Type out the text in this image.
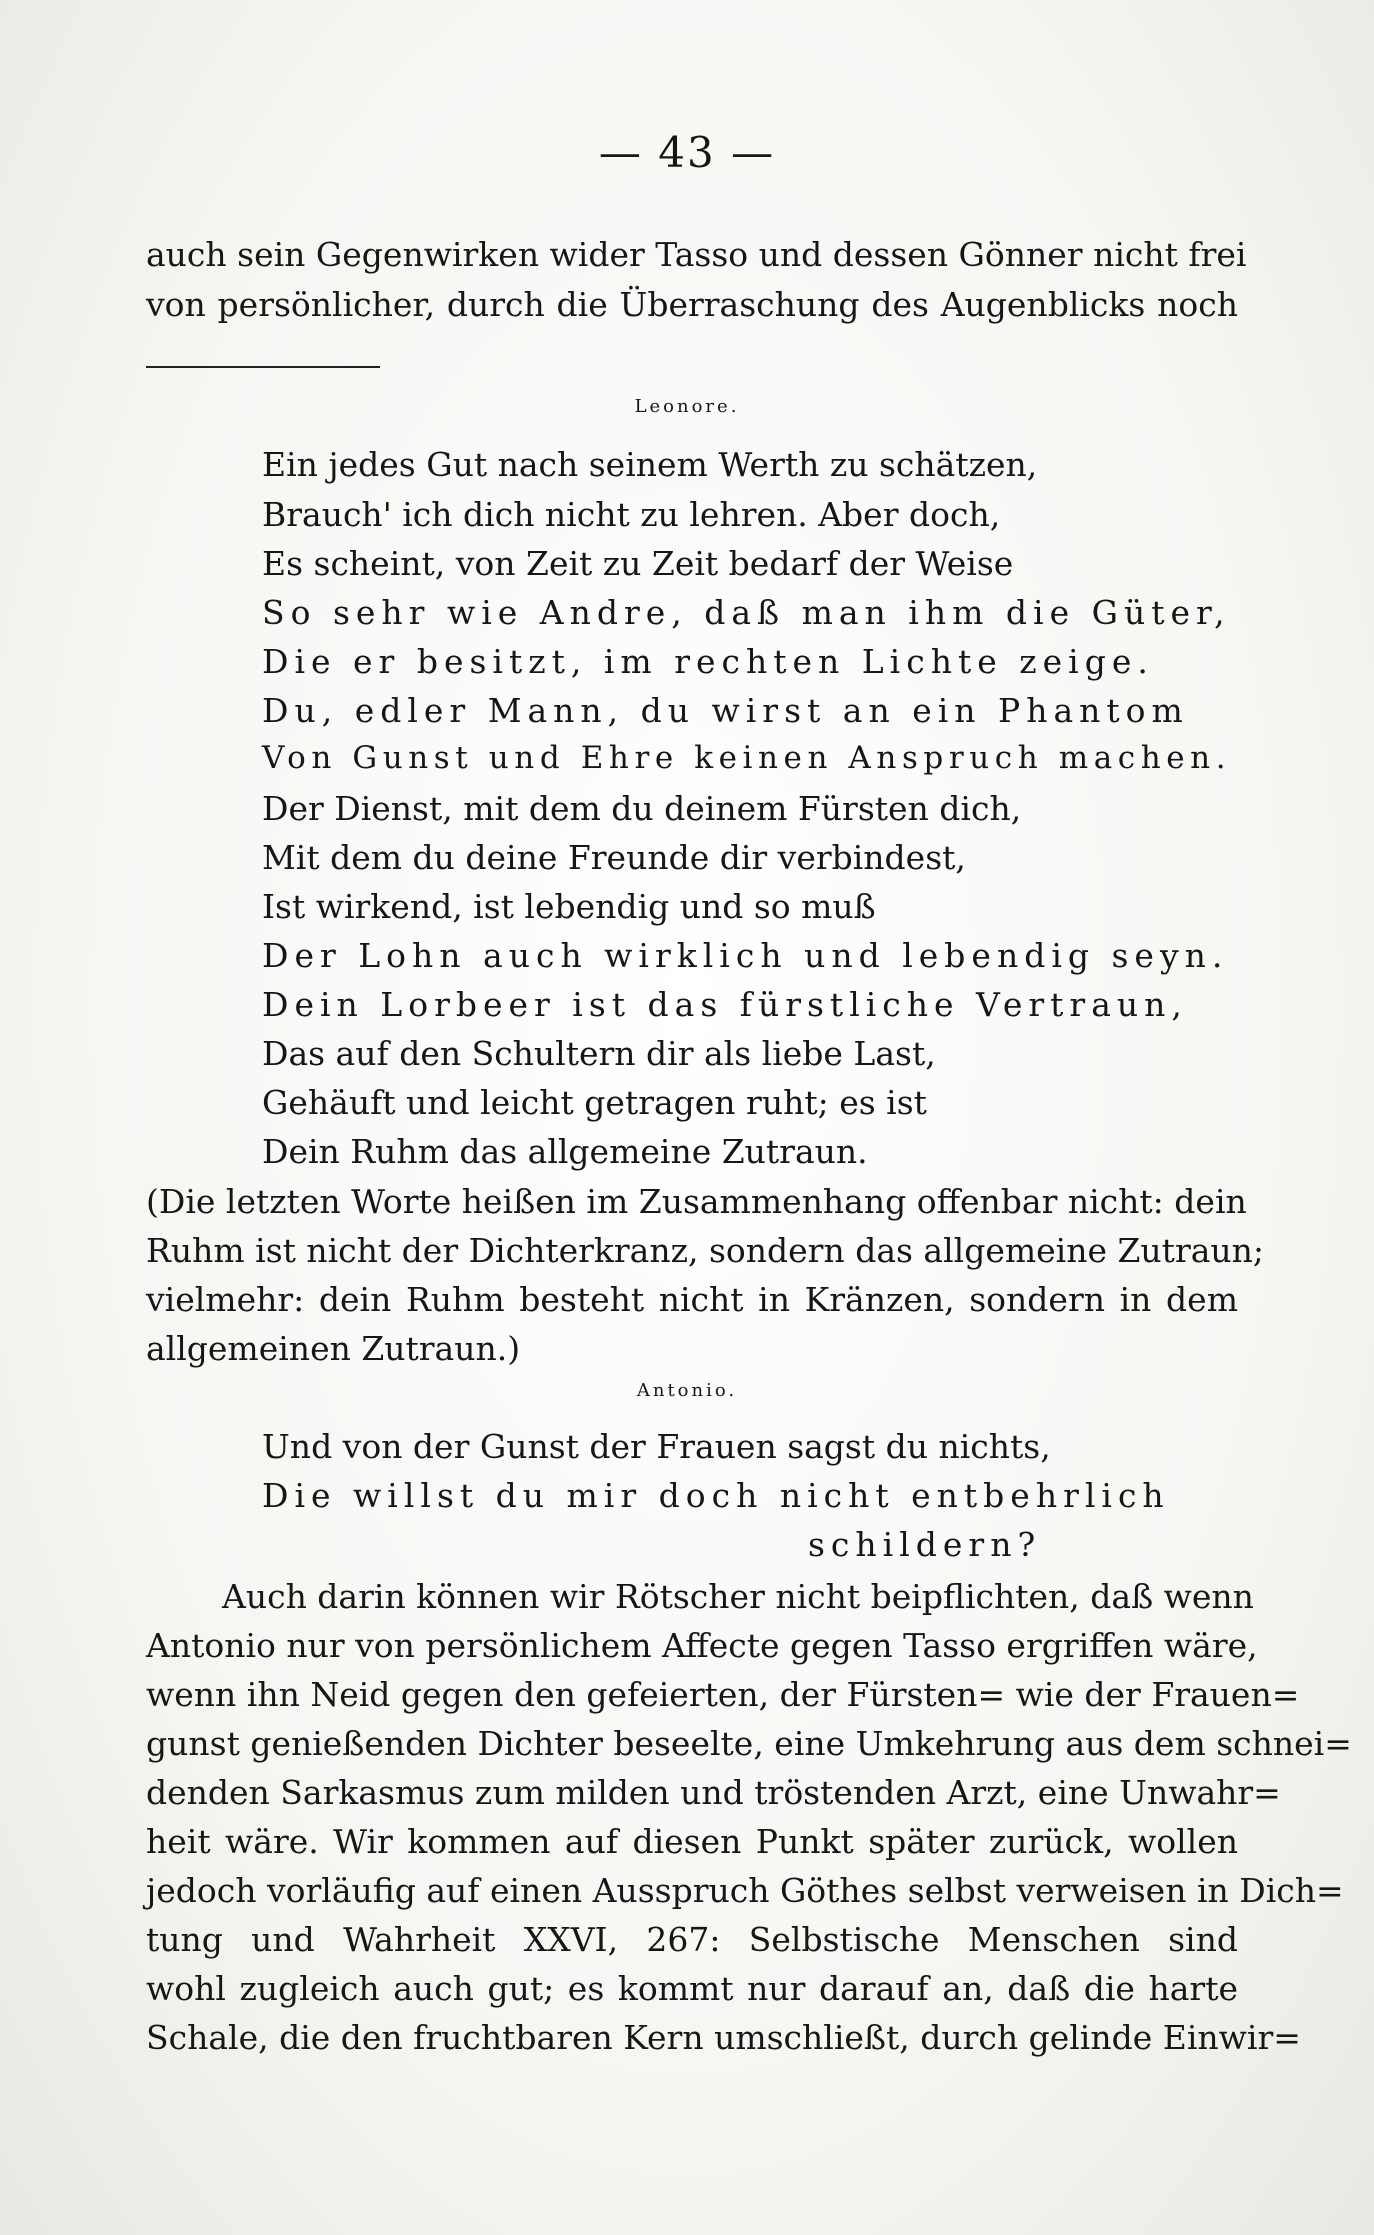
— 43 —
auch sein Gegenwirken wider Tasso und dessen Gönner nicht frei
von persönlicher, durch die Überraschung des Augenblicks noch
Leonore.
Ein jedes Gut nach seinem Werth zu schätzen,
Brauch' ich dich nicht zu lehren. Aber doch,
Es scheint, von Zeit zu Zeit bedarf der Weise
So sehr wie Andre, daß man ihm die Güter,
Die er besitzt, im rechten Lichte zeige.
Du, edler Mann, du wirst an ein Phantom
Von Gunst und Ehre keinen Anspruch machen.
Der Dienst, mit dem du deinem Fürsten dich,
Mit dem du deine Freunde dir verbindest,
Ist wirkend, ist lebendig und so muß
Der Lohn auch wirklich und lebendig seyn.
Dein Lorbeer ist das fürstliche Vertraun,
Das auf den Schultern dir als liebe Last,
Gehäuft und leicht getragen ruht; es ist
Dein Ruhm das allgemeine Zutraun.
(Die letzten Worte heißen im Zusammenhang offenbar nicht: dein
Ruhm ist nicht der Dichterkranz, sondern das allgemeine Zutraun;
vielmehr: dein Ruhm besteht nicht in Kränzen, sondern in dem
allgemeinen Zutraun.)
Antonio.
Und von der Gunst der Frauen sagst du nichts,
Die willst du mir doch nicht entbehrlich
schildern?
Auch darin können wir Rötscher nicht beipflichten, daß wenn
Antonio nur von persönlichem Affecte gegen Tasso ergriffen wäre,
wenn ihn Neid gegen den gefeierten, der Fürsten= wie der Frauen=
gunst genießenden Dichter beseelte, eine Umkehrung aus dem schnei=
denden Sarkasmus zum milden und tröstenden Arzt, eine Unwahr=
heit wäre. Wir kommen auf diesen Punkt später zurück, wollen
jedoch vorläufig auf einen Ausspruch Göthes selbst verweisen in Dich=
tung und Wahrheit XXVI, 267: Selbstische Menschen sind
wohl zugleich auch gut; es kommt nur darauf an, daß die harte
Schale, die den fruchtbaren Kern umschließt, durch gelinde Einwir=
